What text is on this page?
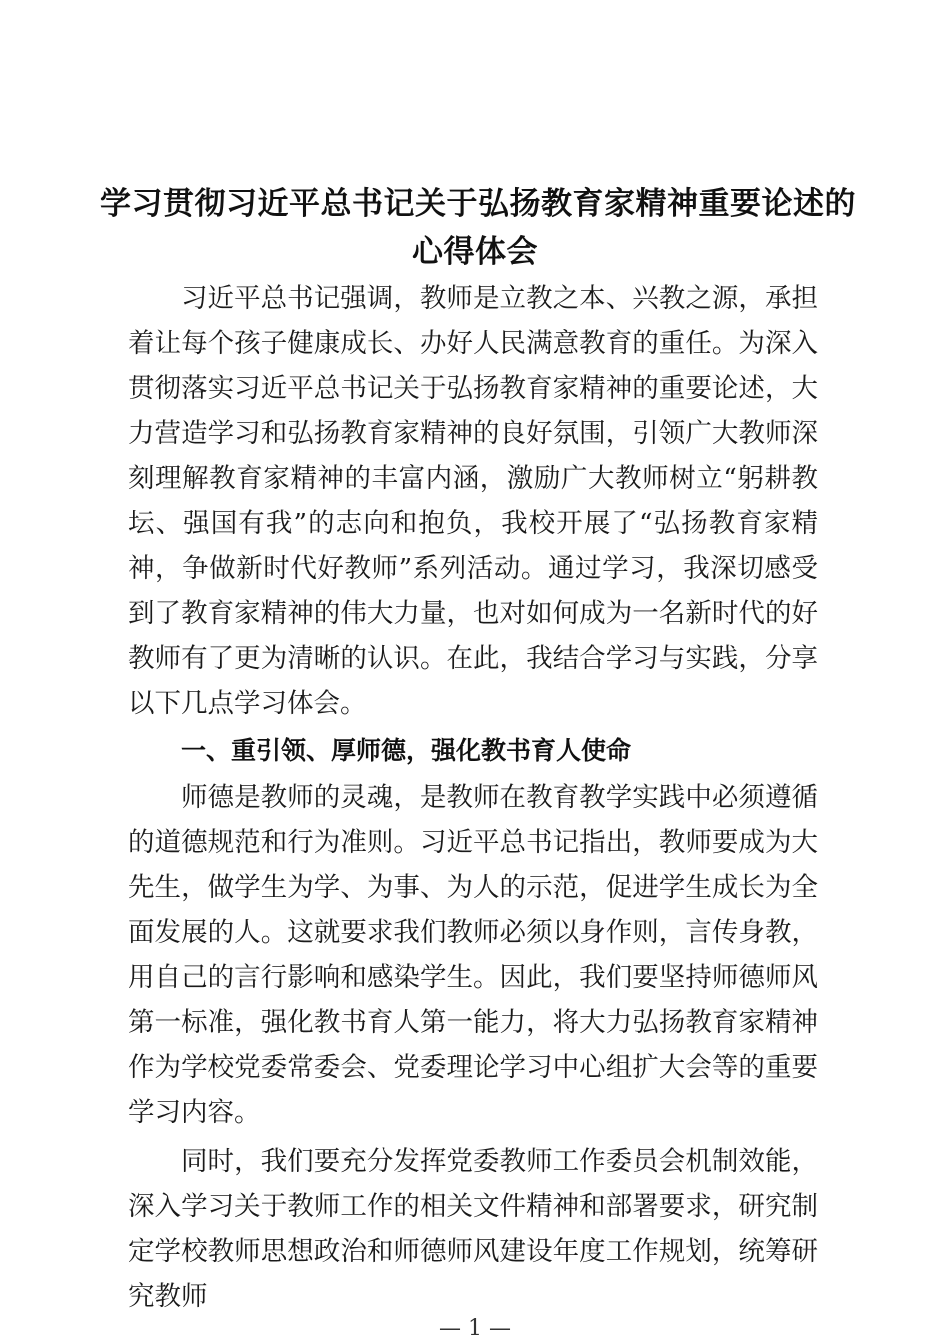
学习贯彻习近平总书记关于弘扬教育家精神重要论述的
心得体会

习近平总书记强调，教师是立教之本、兴教之源，承担着让每个孩子健康成长、办好人民满意教育的重任。为深入贯彻落实习近平总书记关于弘扬教育家精神的重要论述，大力营造学习和弘扬教育家精神的良好氛围，引领广大教师深刻理解教育家精神的丰富内涵，激励广大教师树立“躬耕教坛、强国有我”的志向和抱负，我校开展了“弘扬教育家精神，争做新时代好教师”系列活动。通过学习，我深切感受到了教育家精神的伟大力量，也对如何成为一名新时代的好教师有了更为清晰的认识。在此，我结合学习与实践，分享以下几点学习体会。

一、重引领、厚师德，强化教书育人使命

师德是教师的灵魂，是教师在教育教学实践中必须遵循的道德规范和行为准则。习近平总书记指出，教师要成为大先生，做学生为学、为事、为人的示范，促进学生成长为全面发展的人。这就要求我们教师必须以身作则，言传身教，用自己的言行影响和感染学生。因此，我们要坚持师德师风第一标准，强化教书育人第一能力，将大力弘扬教育家精神作为学校党委常委会、党委理论学习中心组扩大会等的重要学习内容。

同时，我们要充分发挥党委教师工作委员会机制效能，深入学习关于教师工作的相关文件精神和部署要求，研究制定学校教师思想政治和师德师风建设年度工作规划，统筹研究教师

— 1 —
